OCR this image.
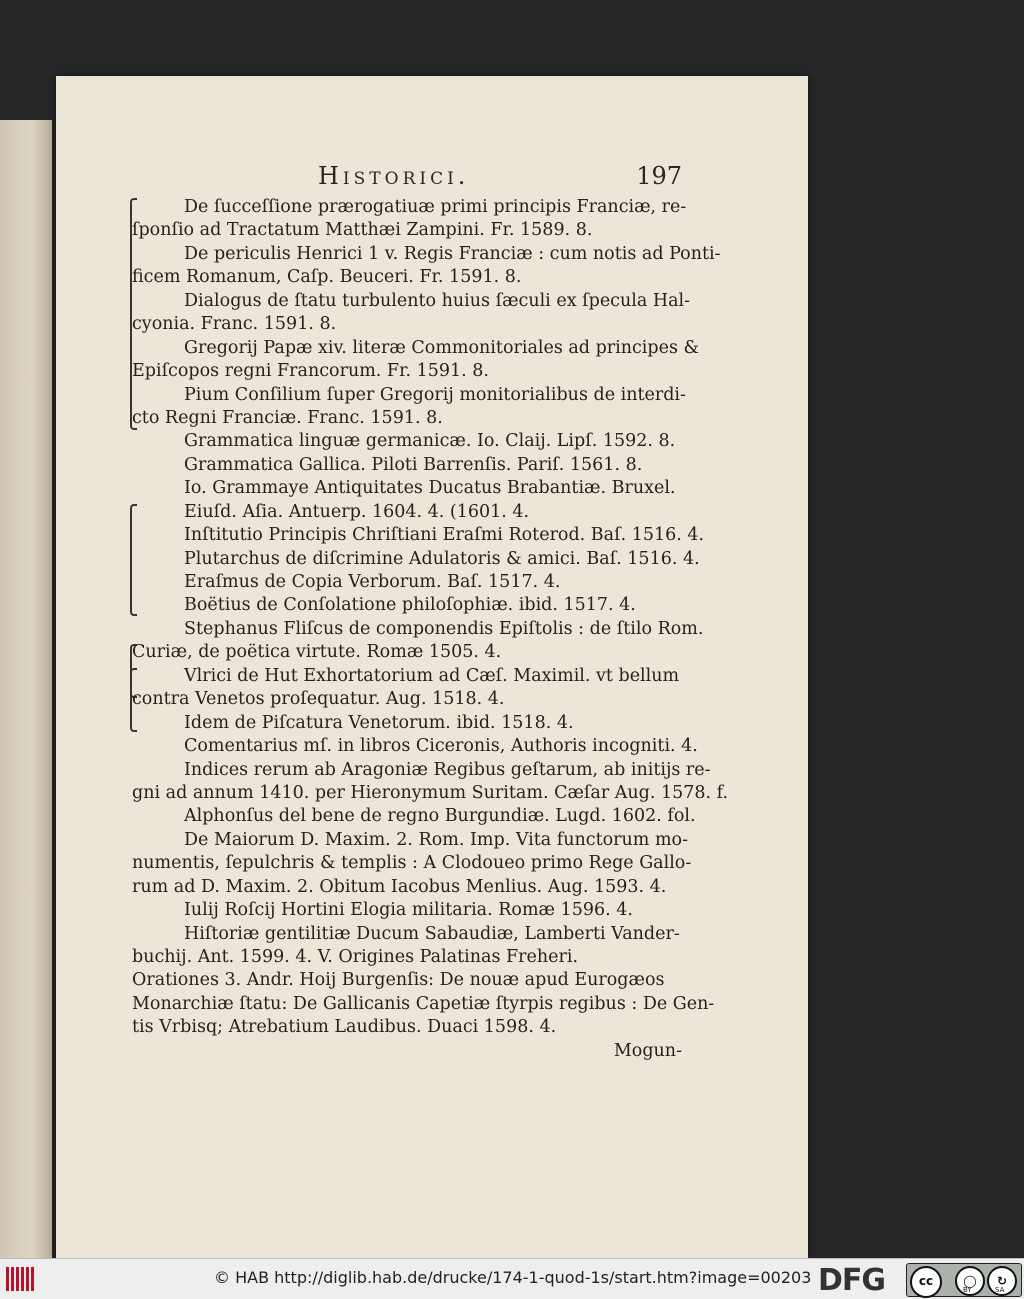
Historici.	197
De ſucceſſione prærogatiuæ primi principis Franciæ, re-
ſponſio ad Tractatum Matthæi Zampini. Fr. 1589. 8.
De periculis Henrici 1 v. Regis Franciæ : cum notis ad Ponti-
ficem Romanum, Caſp. Beuceri. Fr. 1591. 8.
Dialogus de ſtatu turbulento huius ſæculi ex ſpecula Hal-
cyonia. Franc. 1591. 8.
Gregorij Papæ xiv. literæ Commonitoriales ad principes &
Epiſcopos regni Francorum. Fr. 1591. 8.
Pium Conſilium ſuper Gregorij monitorialibus de interdi-
cto Regni Franciæ. Franc. 1591. 8.
Grammatica linguæ germanicæ. Io. Claij. Lipſ. 1592. 8.
Grammatica Gallica. Piloti Barrenſis. Pariſ. 1561. 8.
Io. Grammaye Antiquitates Ducatus Brabantiæ. Bruxel.
Eiuſd. Aſia. Antuerp. 1604. 4. (1601. 4.
Inſtitutio Principis Chriſtiani Eraſmi Roterod. Baſ. 1516. 4.
Plutarchus de diſcrimine Adulatoris & amici. Baſ. 1516. 4.
Eraſmus de Copia Verborum. Baſ. 1517. 4.
Boëtius de Conſolatione philoſophiæ. ibid. 1517. 4.
Stephanus Fliſcus de componendis Epiſtolis : de ſtilo Rom.
Curiæ, de poëtica virtute. Romæ 1505. 4.
Vlrici de Hut Exhortatorium ad Cæſ. Maximil. vt bellum
contra Venetos proſequatur. Aug. 1518. 4.
Idem de Piſcatura Venetorum. ibid. 1518. 4.
Comentarius mſ. in libros Ciceronis, Authoris incogniti. 4.
Indices rerum ab Aragoniæ Regibus geſtarum, ab initijs re-
gni ad annum 1410. per Hieronymum Suritam. Cæſar Aug. 1578. f.
Alphonſus del bene de regno Burgundiæ. Lugd. 1602. fol.
De Maiorum D. Maxim. 2. Rom. Imp. Vita functorum mo-
numentis, ſepulchris & templis : A Clodoueo primo Rege Gallo-
rum ad D. Maxim. 2. Obitum Iacobus Menlius. Aug. 1593. 4.
Iulij Roſcij Hortini Elogia militaria. Romæ 1596. 4.
Hiſtoriæ gentilitiæ Ducum Sabaudiæ, Lamberti Vander-
buchij. Ant. 1599. 4. V. Origines Palatinas Freheri.
Orationes 3. Andr. Hoij Burgenſis: De nouæ apud Eurogæos
Monarchiæ ſtatu: De Gallicanis Capetiæ ſtyrpis regibus : De Gen-
tis Vrbisq; Atrebatium Laudibus. Duaci 1598. 4.
Mogun-
© HAB http://diglib.hab.de/drucke/174-1-quod-1s/start.htm?image=00203 DFG	cc	◯	↻
BY	SA
